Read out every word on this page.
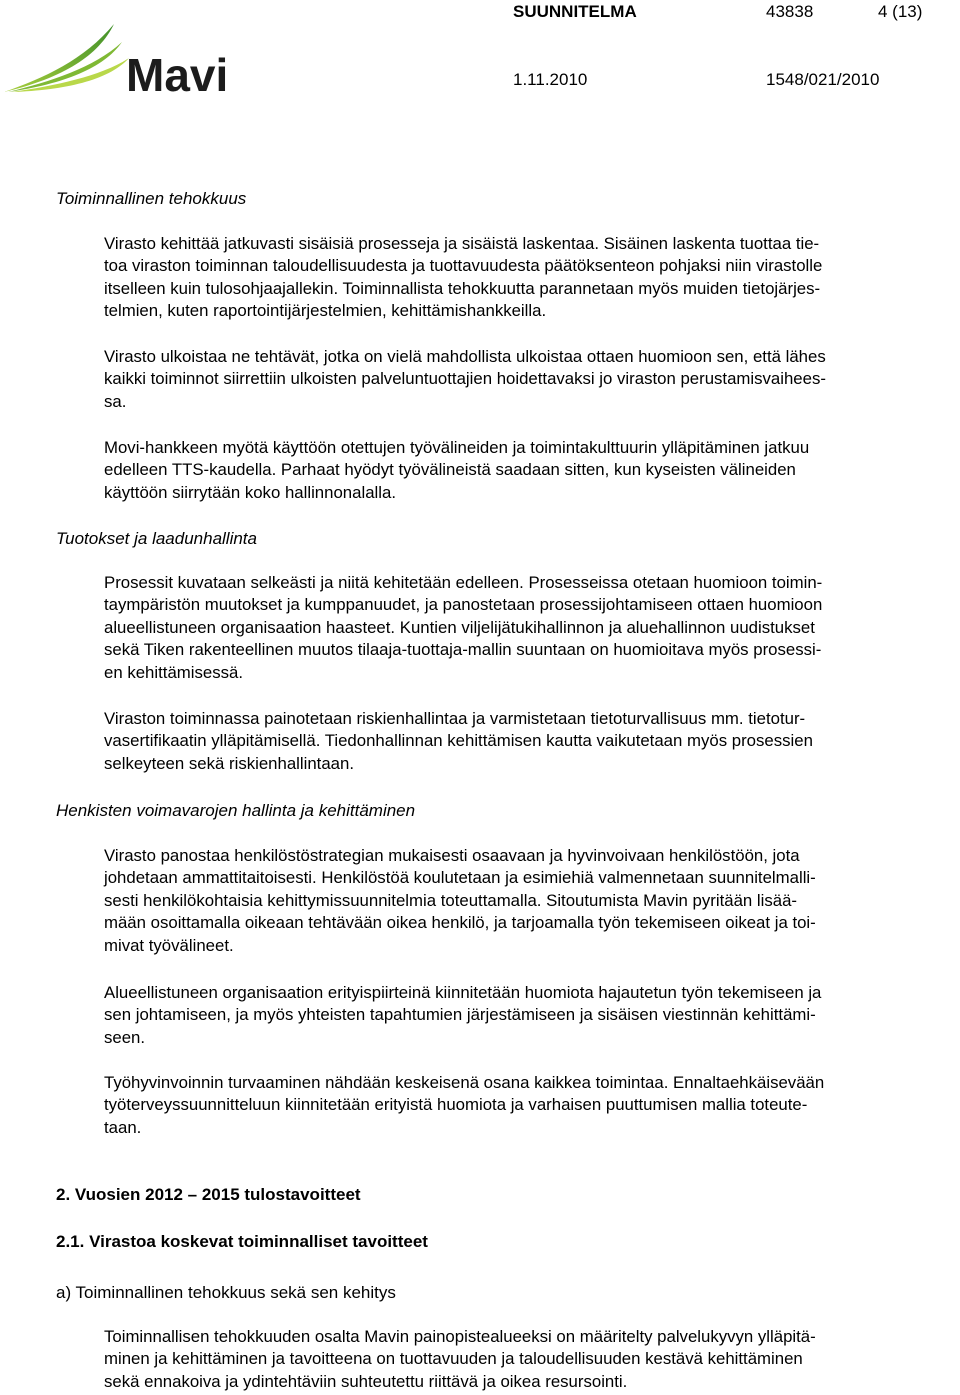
Mavi
SUUNNITELMA	43838	4 (13)
1.11.2010	1548/021/2010
Toiminnallinen tehokkuus
Virasto kehittää jatkuvasti sisäisiä prosesseja ja sisäistä laskentaa. Sisäinen laskenta tuottaa tie-
toa viraston toiminnan taloudellisuudesta ja tuottavuudesta päätöksenteon pohjaksi niin virastolle
itselleen kuin tulosohjaajallekin. Toiminnallista tehokkuutta parannetaan myös muiden tietojärjes-
telmien, kuten raportointijärjestelmien, kehittämishankkeilla.
Virasto ulkoistaa ne tehtävät, jotka on vielä mahdollista ulkoistaa ottaen huomioon sen, että lähes
kaikki toiminnot siirrettiin ulkoisten palveluntuottajien hoidettavaksi jo viraston perustamisvaihees-
sa.
Movi-hankkeen myötä käyttöön otettujen työvälineiden ja toimintakulttuurin ylläpitäminen jatkuu
edelleen TTS-kaudella. Parhaat hyödyt työvälineistä saadaan sitten, kun kyseisten välineiden
käyttöön siirrytään koko hallinnonalalla.
Tuotokset ja laadunhallinta
Prosessit kuvataan selkeästi ja niitä kehitetään edelleen. Prosesseissa otetaan huomioon toimin-
taympäristön muutokset ja kumppanuudet, ja panostetaan prosessijohtamiseen ottaen huomioon
alueellistuneen organisaation haasteet. Kuntien viljelijätukihallinnon ja aluehallinnon uudistukset
sekä Tiken rakenteellinen muutos tilaaja-tuottaja-mallin suuntaan on huomioitava myös prosessi-
en kehittämisessä.
Viraston toiminnassa painotetaan riskienhallintaa ja varmistetaan tietoturvallisuus mm. tietotur-
vasertifikaatin ylläpitämisellä. Tiedonhallinnan kehittämisen kautta vaikutetaan myös prosessien
selkeyteen sekä riskienhallintaan.
Henkisten voimavarojen hallinta ja kehittäminen
Virasto panostaa henkilöstöstrategian mukaisesti osaavaan ja hyvinvoivaan henkilöstöön, jota
johdetaan ammattitaitoisesti. Henkilöstöä koulutetaan ja esimiehiä valmennetaan suunnitelmalli-
sesti henkilökohtaisia kehittymissuunnitelmia toteuttamalla. Sitoutumista Mavin pyritään lisää-
mään osoittamalla oikeaan tehtävään oikea henkilö, ja tarjoamalla työn tekemiseen oikeat ja toi-
mivat työvälineet.
Alueellistuneen organisaation erityispiirteinä kiinnitetään huomiota hajautetun työn tekemiseen ja
sen johtamiseen, ja myös yhteisten tapahtumien järjestämiseen ja sisäisen viestinnän kehittämi-
seen.
Työhyvinvoinnin turvaaminen nähdään keskeisenä osana kaikkea toimintaa. Ennaltaehkäisevään
työterveyssuunnitteluun kiinnitetään erityistä huomiota ja varhaisen puuttumisen mallia toteute-
taan.
2. Vuosien 2012 – 2015 tulostavoitteet
2.1. Virastoa koskevat toiminnalliset tavoitteet
a) Toiminnallinen tehokkuus sekä sen kehitys
Toiminnallisen tehokkuuden osalta Mavin painopistealueeksi on määritelty palvelukyvyn ylläpitä-
minen ja kehittäminen ja tavoitteena on tuottavuuden ja taloudellisuuden kestävä kehittäminen
sekä ennakoiva ja ydintehtäviin suhteutettu riittävä ja oikea resursointi.
